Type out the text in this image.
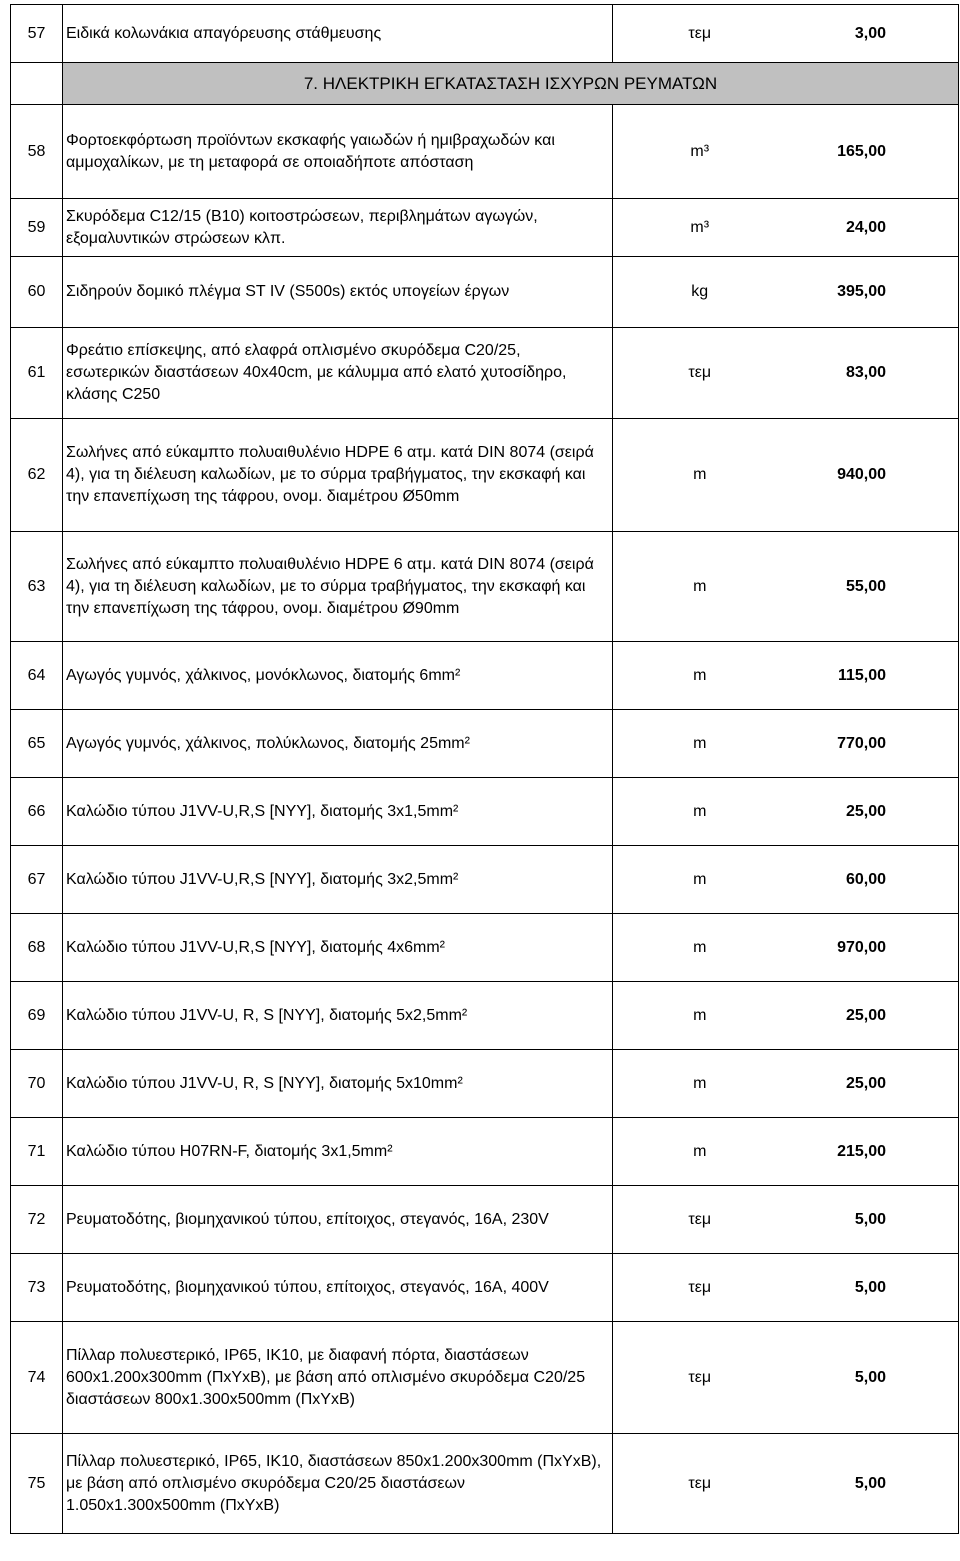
57	Ειδικά κολωνάκια απαγόρευσης στάθμευσης	τεμ	3,00
	7. ΗΛΕΚΤΡΙΚΗ ΕΓΚΑΤΑΣΤΑΣΗ ΙΣΧΥΡΩΝ ΡΕΥΜΑΤΩΝ		
58	Φορτοεκφόρτωση προϊόντων εκσκαφής γαιωδών ή ημιβραχωδών και αμμοχαλίκων, με τη μεταφορά σε οποιαδήποτε απόσταση	m³	165,00
59	Σκυρόδεμα C12/15 (B10) κοιτοστρώσεων, περιβλημάτων αγωγών, εξομαλυντικών στρώσεων κλπ.	m³	24,00
60	Σιδηρούν δομικό πλέγμα ST IV (S500s) εκτός υπογείων έργων	kg	395,00
61	Φρεάτιο επίσκεψης, από ελαφρά οπλισμένο σκυρόδεμα C20/25, εσωτερικών διαστάσεων 40x40cm, με κάλυμμα από ελατό χυτοσίδηρο, κλάσης C250	τεμ	83,00
62	Σωλήνες από εύκαμπτο πολυαιθυλένιο HDPE 6 ατμ. κατά DIN 8074 (σειρά 4), για τη διέλευση καλωδίων, με το σύρμα τραβήγματος, την εκσκαφή και την επανεπίχωση της τάφρου, ονομ. διαμέτρου Ø50mm	m	940,00
63	Σωλήνες από εύκαμπτο πολυαιθυλένιο HDPE 6 ατμ. κατά DIN 8074 (σειρά 4), για τη διέλευση καλωδίων, με το σύρμα τραβήγματος, την εκσκαφή και την επανεπίχωση της τάφρου, ονομ. διαμέτρου Ø90mm	m	55,00
64	Αγωγός γυμνός, χάλκινος, μονόκλωνος, διατομής 6mm²	m	115,00
65	Αγωγός γυμνός, χάλκινος, πολύκλωνος, διατομής 25mm²	m	770,00
66	Καλώδιο τύπου J1VV-U,R,S [NYY], διατομής 3x1,5mm²	m	25,00
67	Καλώδιο τύπου J1VV-U,R,S [NYY], διατομής 3x2,5mm²	m	60,00
68	Καλώδιο τύπου J1VV-U,R,S [NYY], διατομής 4x6mm²	m	970,00
69	Καλώδιο τύπου J1VV-U, R, S [NYY], διατομής 5x2,5mm²	m	25,00
70	Καλώδιο τύπου J1VV-U, R, S [NYY], διατομής 5x10mm²	m	25,00
71	Καλώδιο τύπου H07RN-F, διατομής 3x1,5mm²	m	215,00
72	Ρευματοδότης, βιομηχανικού τύπου, επίτοιχος, στεγανός, 16A, 230V	τεμ	5,00
73	Ρευματοδότης, βιομηχανικού τύπου, επίτοιχος, στεγανός, 16A, 400V	τεμ	5,00
74	Πίλλαρ πολυεστερικό, IP65, IK10, με διαφανή πόρτα, διαστάσεων 600x1.200x300mm (ΠxΥxΒ), με βάση από οπλισμένο σκυρόδεμα C20/25 διαστάσεων 800x1.300x500mm (ΠxΥxΒ)	τεμ	5,00
75	Πίλλαρ πολυεστερικό, IP65, IK10, διαστάσεων 850x1.200x300mm (ΠxΥxΒ), με βάση από οπλισμένο σκυρόδεμα C20/25 διαστάσεων 1.050x1.300x500mm (ΠxΥxΒ)	τεμ	5,00
